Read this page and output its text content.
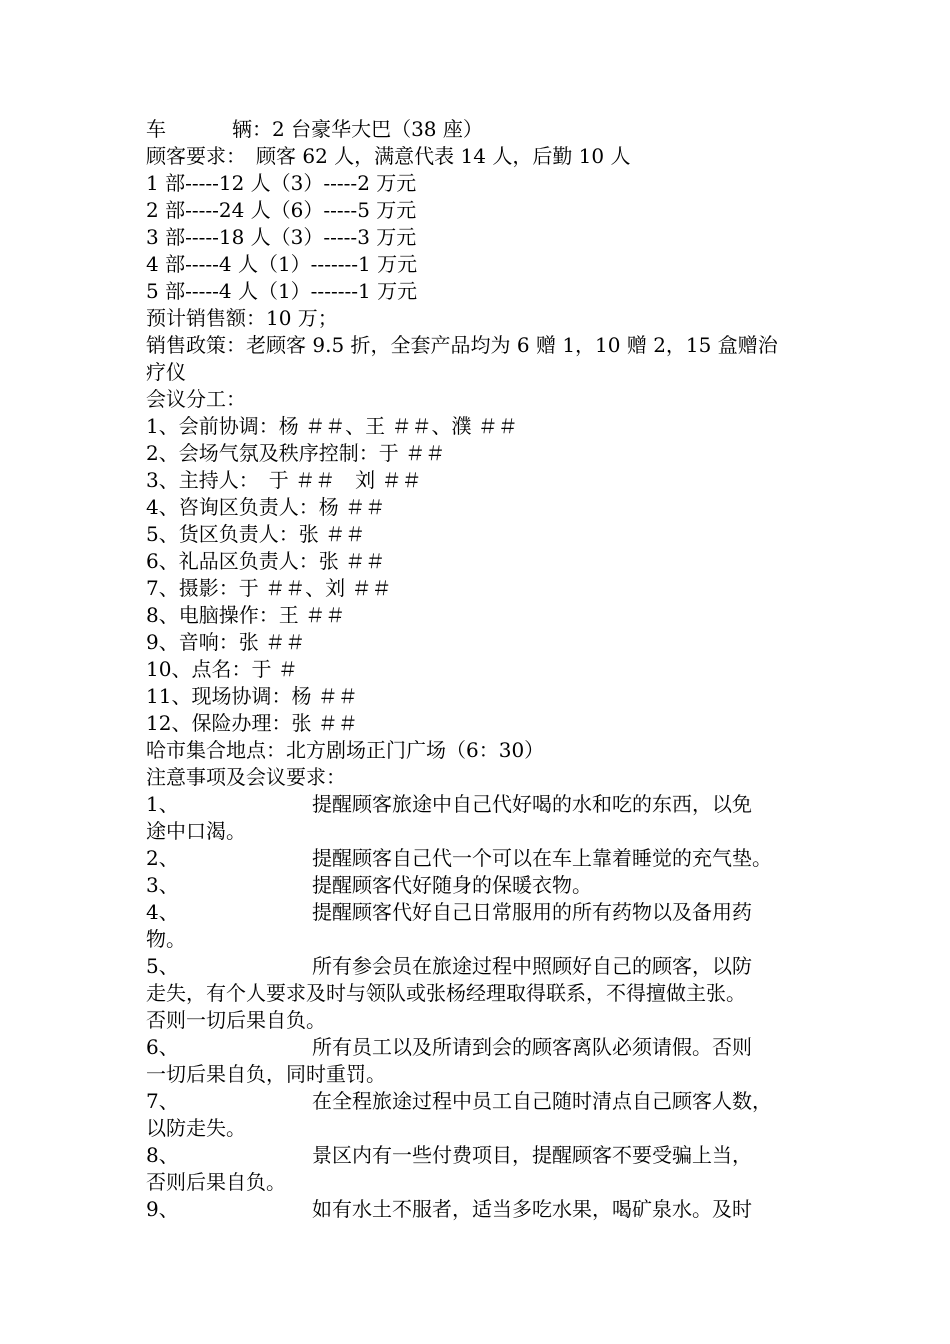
车	辆：2 台豪华大巴（38 座）
顾客要求：　顾客 62 人，满意代表 14 人，后勤 10 人
1 部-----12 人（3）-----2 万元
2 部-----24 人（6）-----5 万元
3 部-----18 人（3）-----3 万元
4 部-----4 人（1）-------1 万元
5 部-----4 人（1）-------1 万元
预计销售额：10 万；
销售政策：老顾客 9.5 折，全套产品均为 6 赠 1，10 赠 2，15 盒赠治
疗仪
会议分工：
1、会前协调：杨 ＃＃、王 ＃＃、濮 ＃＃
2、会场气氛及秩序控制：于 ＃＃
3、主持人：　于 ＃＃　刘 ＃＃
4、咨询区负责人：杨 ＃＃
5、货区负责人：张 ＃＃
6、礼品区负责人：张 ＃＃
7、摄影：于 ＃＃、刘 ＃＃
8、电脑操作：王 ＃＃
9、音响：张 ＃＃
10、点名：于 ＃
11、现场协调：杨 ＃＃
12、保险办理：张 ＃＃
哈市集合地点：北方剧场正门广场（6：30）
注意事项及会议要求：
1、	提醒顾客旅途中自己代好喝的水和吃的东西，以免
途中口渴。
2、	提醒顾客自己代一个可以在车上靠着睡觉的充气垫。
3、	提醒顾客代好随身的保暖衣物。
4、	提醒顾客代好自己日常服用的所有药物以及备用药
物。
5、	所有参会员在旅途过程中照顾好自己的顾客，以防
走失，有个人要求及时与领队或张杨经理取得联系，不得擅做主张。
否则一切后果自负。
6、	所有员工以及所请到会的顾客离队必须请假。否则
一切后果自负，同时重罚。
7、	在全程旅途过程中员工自己随时清点自己顾客人数，
以防走失。
8、	景区内有一些付费项目，提醒顾客不要受骗上当，
否则后果自负。
9、	如有水土不服者，适当多吃水果，喝矿泉水。及时
